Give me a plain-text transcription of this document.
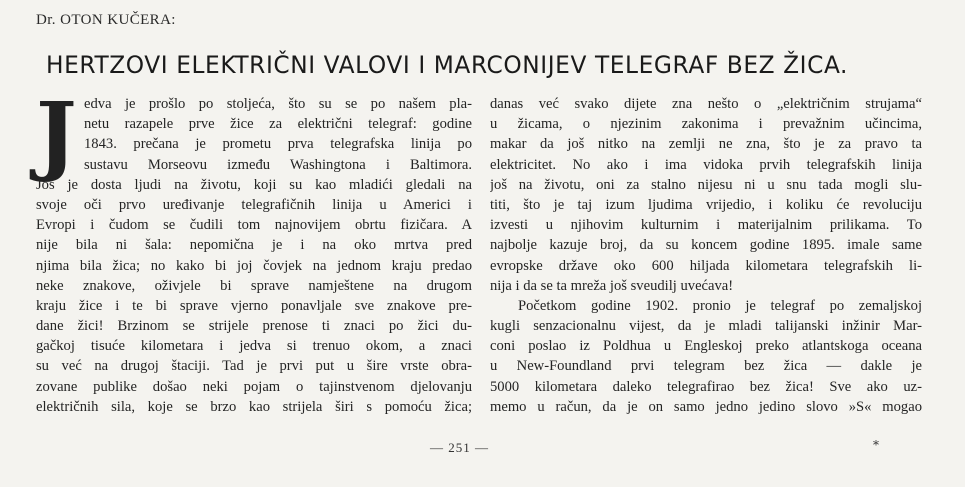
Dr. OTON KUČERA:
HERTZOVI ELEKTRIČNI VALOVI I MARCONIJEV TELEGRAF BEZ ŽICA.
J edva je prošlo po stoljeća, što su se po našem pla-
netu razapele prve žice za električni telegraf: godine
1843. prečana je prometu prva telegrafska linija po
sustavu Morseovu između Washingtona i Baltimora.
Još je dosta ljudi na životu, koji su kao mladići gledali na
svoje oči prvo uređivanje telegrafičnih linija u Americi i
Evropi i čudom se čudili tom najnovijem obrtu fizičara. A
nije bila ni šala: nepomična je i na oko mrtva pred
njima bila žica; no kako bi joj čovjek na jednom kraju predao
neke znakove, oživjele bi sprave namještene na drugom
kraju žice i te bi sprave vjerno ponavljale sve znakove pre-
dane žici! Brzinom se strijele prenose ti znaci po žici du-
gačkoj tisuće kilometara i jedva si trenuo okom, a znaci
su već na drugoj štaciji. Tad je prvi put u šire vrste obra-
zovane publike došao neki pojam o tajinstvenom djelovanju
električnih sila, koje se brzo kao strijela širi s pomoću žica;
danas već svako dijete zna nešto o „električnim strujama“
u žicama, o njezinim zakonima i prevažnim učincima,
makar da još nitko na zemlji ne zna, što je za pravo ta
elektricitet. No ako i ima vidoka prvih telegrafskih linija
još na životu, oni za stalno nijesu ni u snu tada mogli slu-
titi, što je taj izum ljudima vrijedio, i koliku će revoluciju
izvesti u njihovim kulturnim i materijalnim prilikama. To
najbolje kazuje broj, da su koncem godine 1895. imale same
evropske države oko 600 hiljada kilometara telegrafskih li-
nija i da se ta mreža još sveudilj uvećava!
Početkom godine 1902. pronio je telegraf po zemaljskoj
kugli senzacionalnu vijest, da je mladi talijanski inžinir Mar-
coni poslao iz Poldhua u Engleskoj preko atlantskoga oceana
u New-Foundland prvi telegram bez žica — dakle je
5000 kilometara daleko telegrafirao bez žica! Sve ako uz-
memo u račun, da je on samo jedno jedino slovo »S« mogao
— 251 —	*
